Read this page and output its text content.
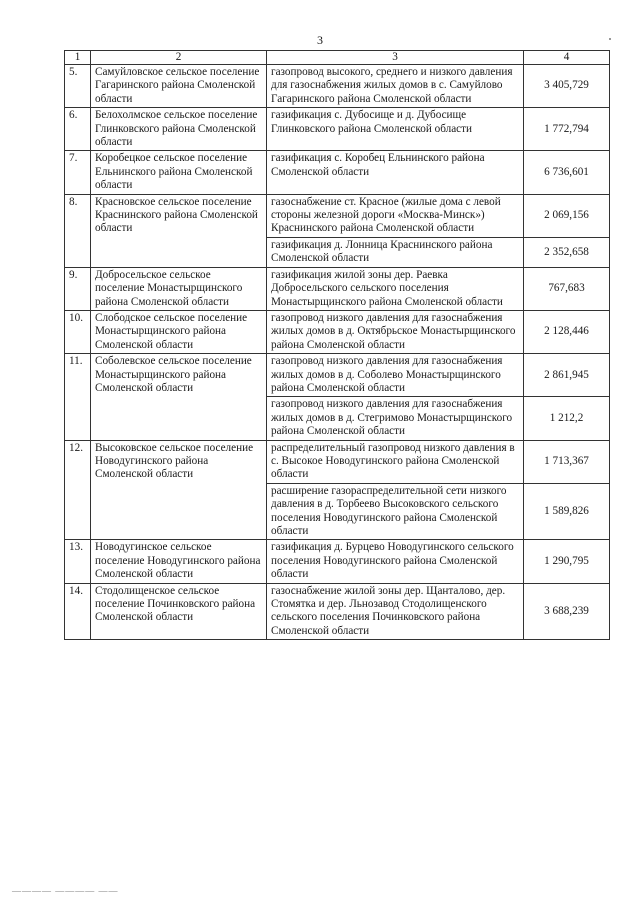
3
1	2	3	4
5.	Самуйловское сельское поселение Гагаринского района Смоленской области	газопровод высокого, среднего и низкого давления для газоснабжения жилых домов в с. Самуйлово Гагаринского района Смоленской области	3 405,729
6.	Белохолмское сельское поселение Глинковского района Смоленской области	газификация с. Дубосище и д. Дубосище Глинковского района Смоленской области	1 772,794
7.	Коробецкое сельское поселение Ельнинского района Смоленской области	газификация с. Коробец Ельнинского района Смоленской области	6 736,601
8.	Красновское сельское поселение Краснинского района Смоленской области	газоснабжение ст. Красное (жилые дома с левой стороны железной дороги «Москва-Минск») Краснинского района Смоленской области	2 069,156
		газификация д. Лонница Краснинского района Смоленской области	2 352,658
9.	Добросельское сельское поселение Монастырщинского района Смоленской области	газификация жилой зоны дер. Раевка Добросельского сельского поселения Монастырщинского района Смоленской области	767,683
10.	Слободское сельское поселение Монастырщинского района Смоленской области	газопровод низкого давления для газоснабжения жилых домов в д. Октябрьское Монастырщинского района Смоленской области	2 128,446
11.	Соболевское сельское поселение Монастырщинского района Смоленской области	газопровод низкого давления для газоснабжения жилых домов в д. Соболево Монастырщинского района Смоленской области	2 861,945
		газопровод низкого давления для газоснабжения жилых домов в д. Стегримово Монастырщинского района Смоленской области	1 212,2
12.	Высоковское сельское поселение Новодугинского района Смоленской области	распределительный газопровод низкого давления в с. Высокое Новодугинского района Смоленской области	1 713,367
		расширение газораспределительной сети низкого давления в д. Торбеево Высоковского сельского поселения Новодугинского района Смоленской области	1 589,826
13.	Новодугинское сельское поселение Новодугинского района Смоленской области	газификация д. Бурцево Новодугинского сельского поселения Новодугинского района Смоленской области	1 290,795
14.	Стодолищенское сельское поселение Починковского района Смоленской области	газоснабжение жилой зоны дер. Щанталово, дер. Стомятка и дер. Льнозавод Стодолищенского сельского поселения Починковского района Смоленской области	3 688,239
———— ———— ——
